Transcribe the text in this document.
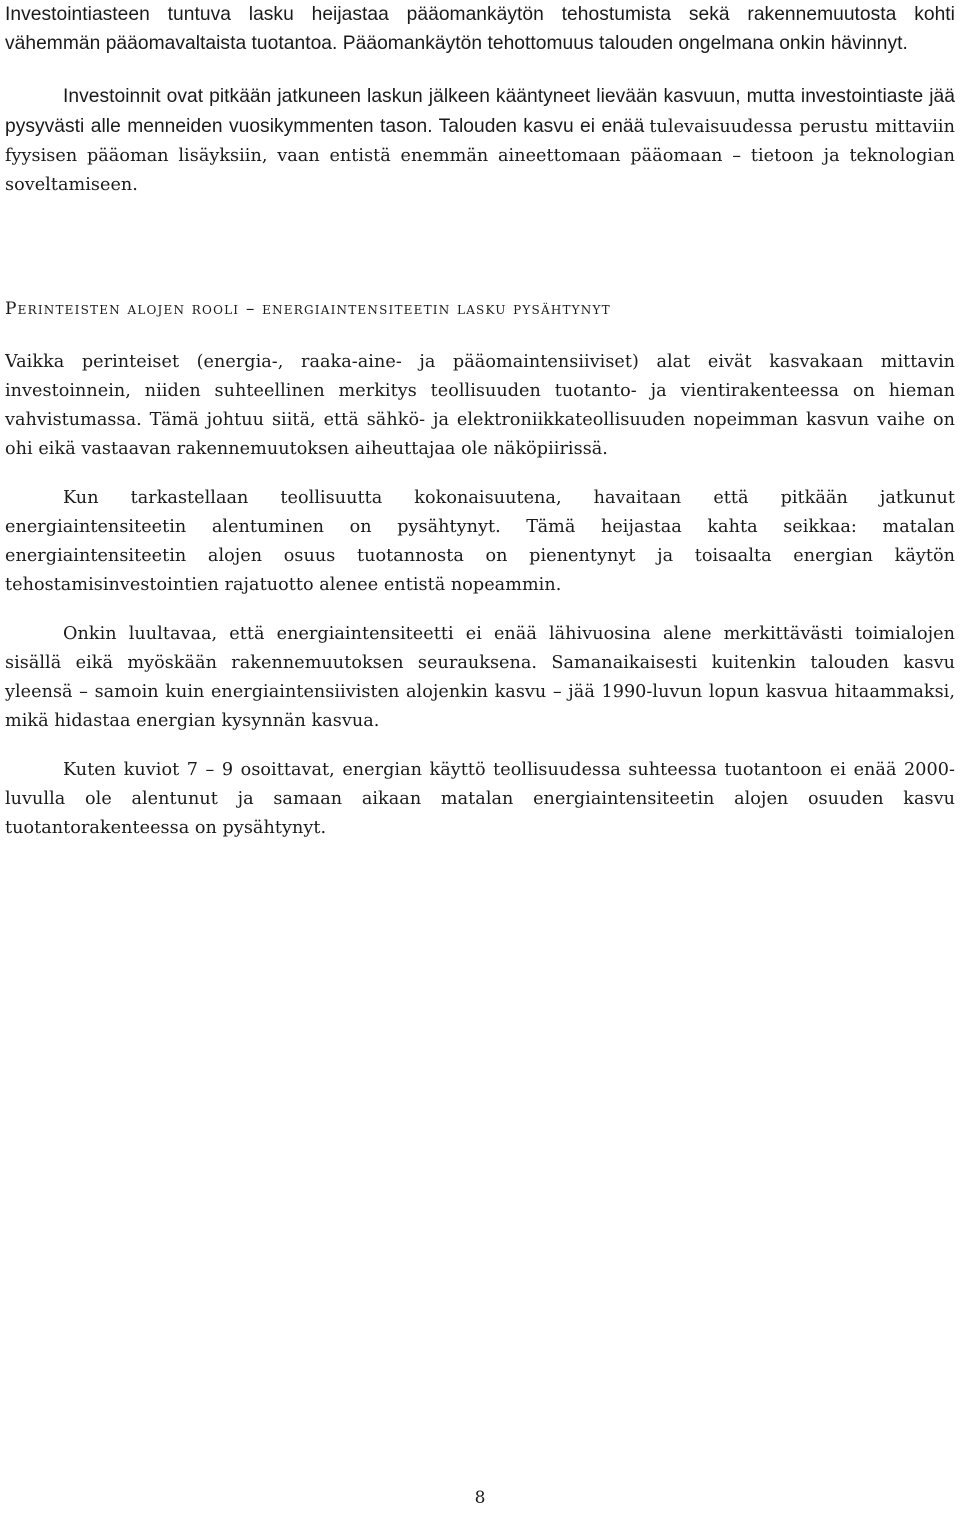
Investointiasteen tuntuva lasku heijastaa pääomankäytön tehostumista sekä rakennemuutosta kohti vähemmän pääomavaltaista tuotantoa. Pääomankäytön tehottomuus talouden ongelmana onkin hävinnyt.

Investoinnit ovat pitkään jatkuneen laskun jälkeen kääntyneet lievään kasvuun, mutta investointiaste jää pysyvästi alle menneiden vuosikymmenten tason. Talouden kasvu ei enää tulevaisuudessa perustu mittaviin fyysisen pääoman lisäyksiin, vaan entistä enemmän aineettomaan pääomaan – tietoon ja teknologian soveltamiseen.

Perinteisten alojen rooli – energiaintensiteetin lasku pysähtynyt

Vaikka perinteiset (energia-, raaka-aine- ja pääomaintensiiviset) alat eivät kasvakaan mittavin investoinnein, niiden suhteellinen merkitys teollisuuden tuotanto- ja vientirakenteessa on hieman vahvistumassa. Tämä johtuu siitä, että sähkö- ja elektroniikkateollisuuden nopeimman kasvun vaihe on ohi eikä vastaavan rakennemuutoksen aiheuttajaa ole näköpiirissä.

Kun tarkastellaan teollisuutta kokonaisuutena, havaitaan että pitkään jatkunut energiaintensiteetin alentuminen on pysähtynyt. Tämä heijastaa kahta seikkaa: matalan energiaintensiteetin alojen osuus tuotannosta on pienentynyt ja toisaalta energian käytön tehostamisinvestointien rajatuotto alenee entistä nopeammin.

Onkin luultavaa, että energiaintensiteetti ei enää lähivuosina alene merkittävästi toimialojen sisällä eikä myöskään rakennemuutoksen seurauksena. Samanaikaisesti kuitenkin talouden kasvu yleensä – samoin kuin energiaintensiivisten alojenkin kasvu – jää 1990-luvun lopun kasvua hitaammaksi, mikä hidastaa energian kysynnän kasvua.

Kuten kuviot 7 – 9 osoittavat, energian käyttö teollisuudessa suhteessa tuotantoon ei enää 2000-luvulla ole alentunut ja samaan aikaan matalan energiaintensiteetin alojen osuuden kasvu tuotantorakenteessa on pysähtynyt.

8
